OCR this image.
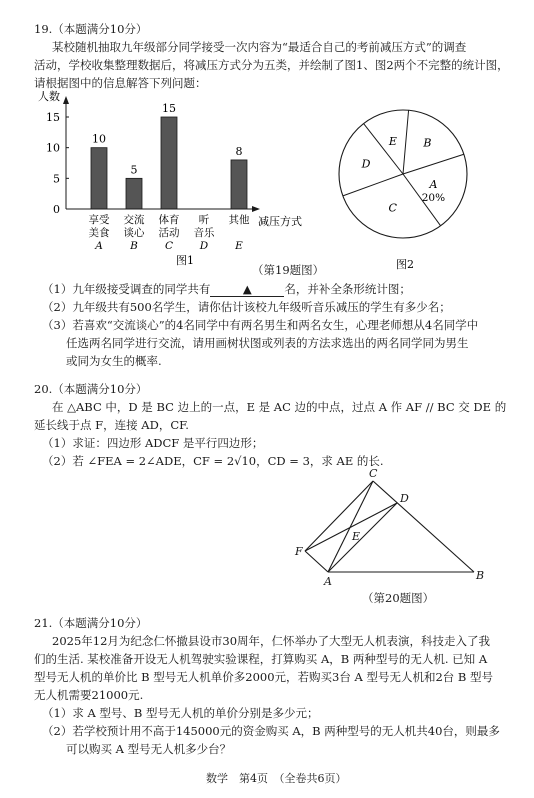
19.（本题满分10分）
某校随机抽取九年级部分同学接受一次内容为“最适合自己的考前减压方式”的调查
活动，学校收集整理数据后，将减压方式分为五类，并绘制了图1、图2两个不完整的统计图，
请根据图中的信息解答下列问题：
人数
0
5
10
15
10
5
15
8
享受
美食
A
交流
谈心
B
体育
活动
C
听
音乐
D
其他
E
减压方式
图1
A
20%
B
C
D
E
图2
（第19题图）
（1）九年级接受调查的同学共有	▲	名，并补全条形统计图；
（2）九年级共有500名学生，请你估计该校九年级听音乐减压的学生有多少名；
（3）若喜欢“交流谈心”的4名同学中有两名男生和两名女生，心理老师想从4名同学中
任选两名同学进行交流，请用画树状图或列表的方法求选出的两名同学同为男生
或同为女生的概率.
20.（本题满分10分）
在 △ABC 中，D 是 BC 边上的一点，E 是 AC 边的中点，过点 A 作 AF // BC 交 DE 的
延长线于点 F，连接 AD，CF.
（1）求证：四边形 ADCF 是平行四边形；
（2）若 ∠FEA = 2∠ADE，CF = 2√10，CD = 3，求 AE 的长.
C
D
E
F
A	B
（第20题图）
21.（本题满分10分）
2025年12月为纪念仁怀撤县设市30周年，仁怀举办了大型无人机表演，科技走入了我
们的生活. 某校准备开设无人机驾驶实验课程，打算购买 A，B 两种型号的无人机. 已知 A
型号无人机的单价比 B 型号无人机单价多2000元，若购买3台 A 型号无人机和2台 B 型号
无人机需要21000元.
（1）求 A 型号、B 型号无人机的单价分别是多少元；
（2）若学校预计用不高于145000元的资金购买 A，B 两种型号的无人机共40台，则最多
可以购买 A 型号无人机多少台？
数学　第4页　（全卷共6页）
